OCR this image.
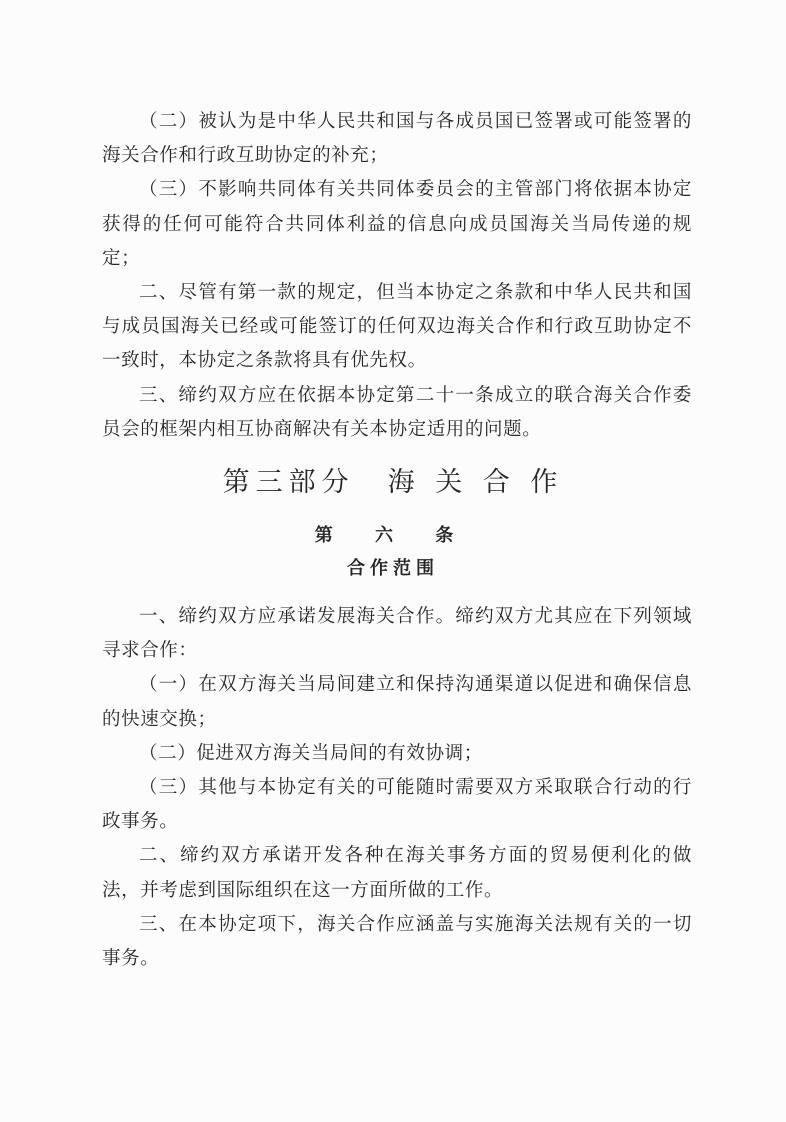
（二）被认为是中华人民共和国与各成员国已签署或可能签署的海关合作和行政互助协定的补充；

（三）不影响共同体有关共同体委员会的主管部门将依据本协定获得的任何可能符合共同体利益的信息向成员国海关当局传递的规定；

二、尽管有第一款的规定，但当本协定之条款和中华人民共和国与成员国海关已经或可能签订的任何双边海关合作和行政互助协定不一致时，本协定之条款将具有优先权。

三、缔约双方应在依据本协定第二十一条成立的联合海关合作委员会的框架内相互协商解决有关本协定适用的问题。

第三部分　海 关 合 作
第 六 条
合作范围

一、缔约双方应承诺发展海关合作。缔约双方尤其应在下列领域寻求合作：

（一）在双方海关当局间建立和保持沟通渠道以促进和确保信息的快速交换；

（二）促进双方海关当局间的有效协调；

（三）其他与本协定有关的可能随时需要双方采取联合行动的行政事务。

二、缔约双方承诺开发各种在海关事务方面的贸易便利化的做法，并考虑到国际组织在这一方面所做的工作。

三、在本协定项下，海关合作应涵盖与实施海关法规有关的一切事务。
